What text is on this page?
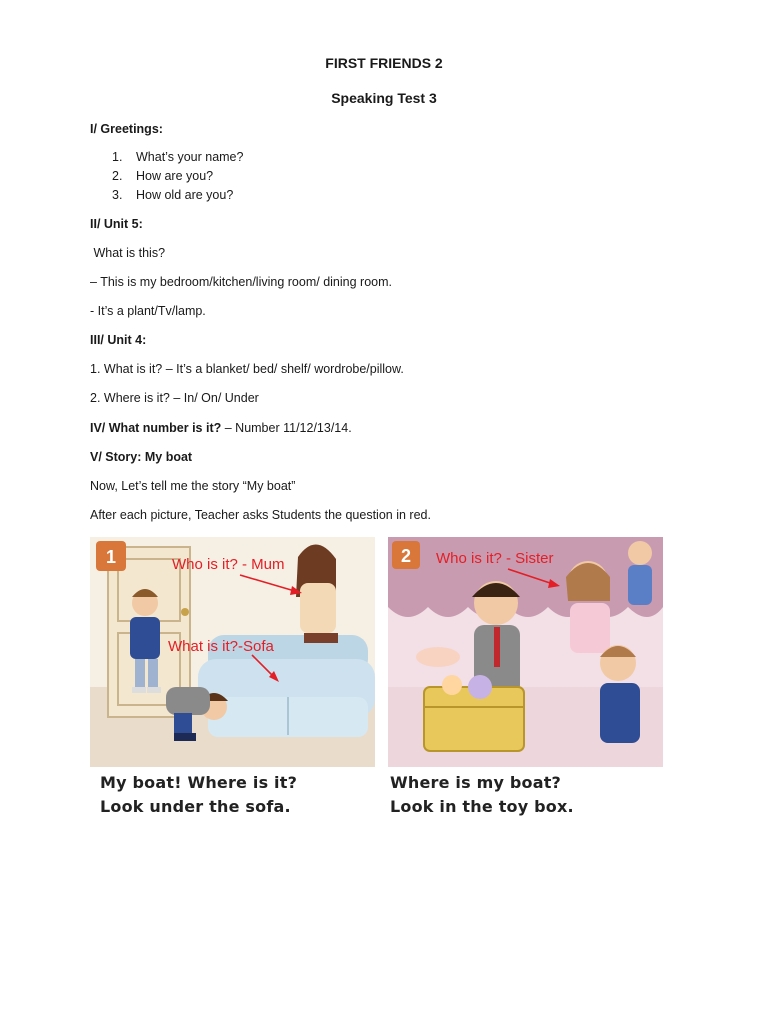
FIRST FRIENDS 2
Speaking Test 3
I/ Greetings:
1. What’s your name?
2. How are you?
3. How old are you?
II/ Unit 5:
What is this?
– This is my bedroom/kitchen/living room/ dining room.
- It’s a plant/Tv/lamp.
III/ Unit 4:
1. What is it? – It’s a blanket/ bed/ shelf/ wordrobe/pillow.
2. Where is it? – In/ On/ Under
IV/ What number is it? – Number 11/12/13/14.
V/ Story: My boat
Now, Let’s tell me the story “My boat”
After each picture, Teacher asks Students the question in red.
1	Who is it? - Mum
What is it?-Sofa
2 Who is it? - Sister
My boat! Where is it?
Look under the sofa.
Where is my boat?
Look in the toy box.
